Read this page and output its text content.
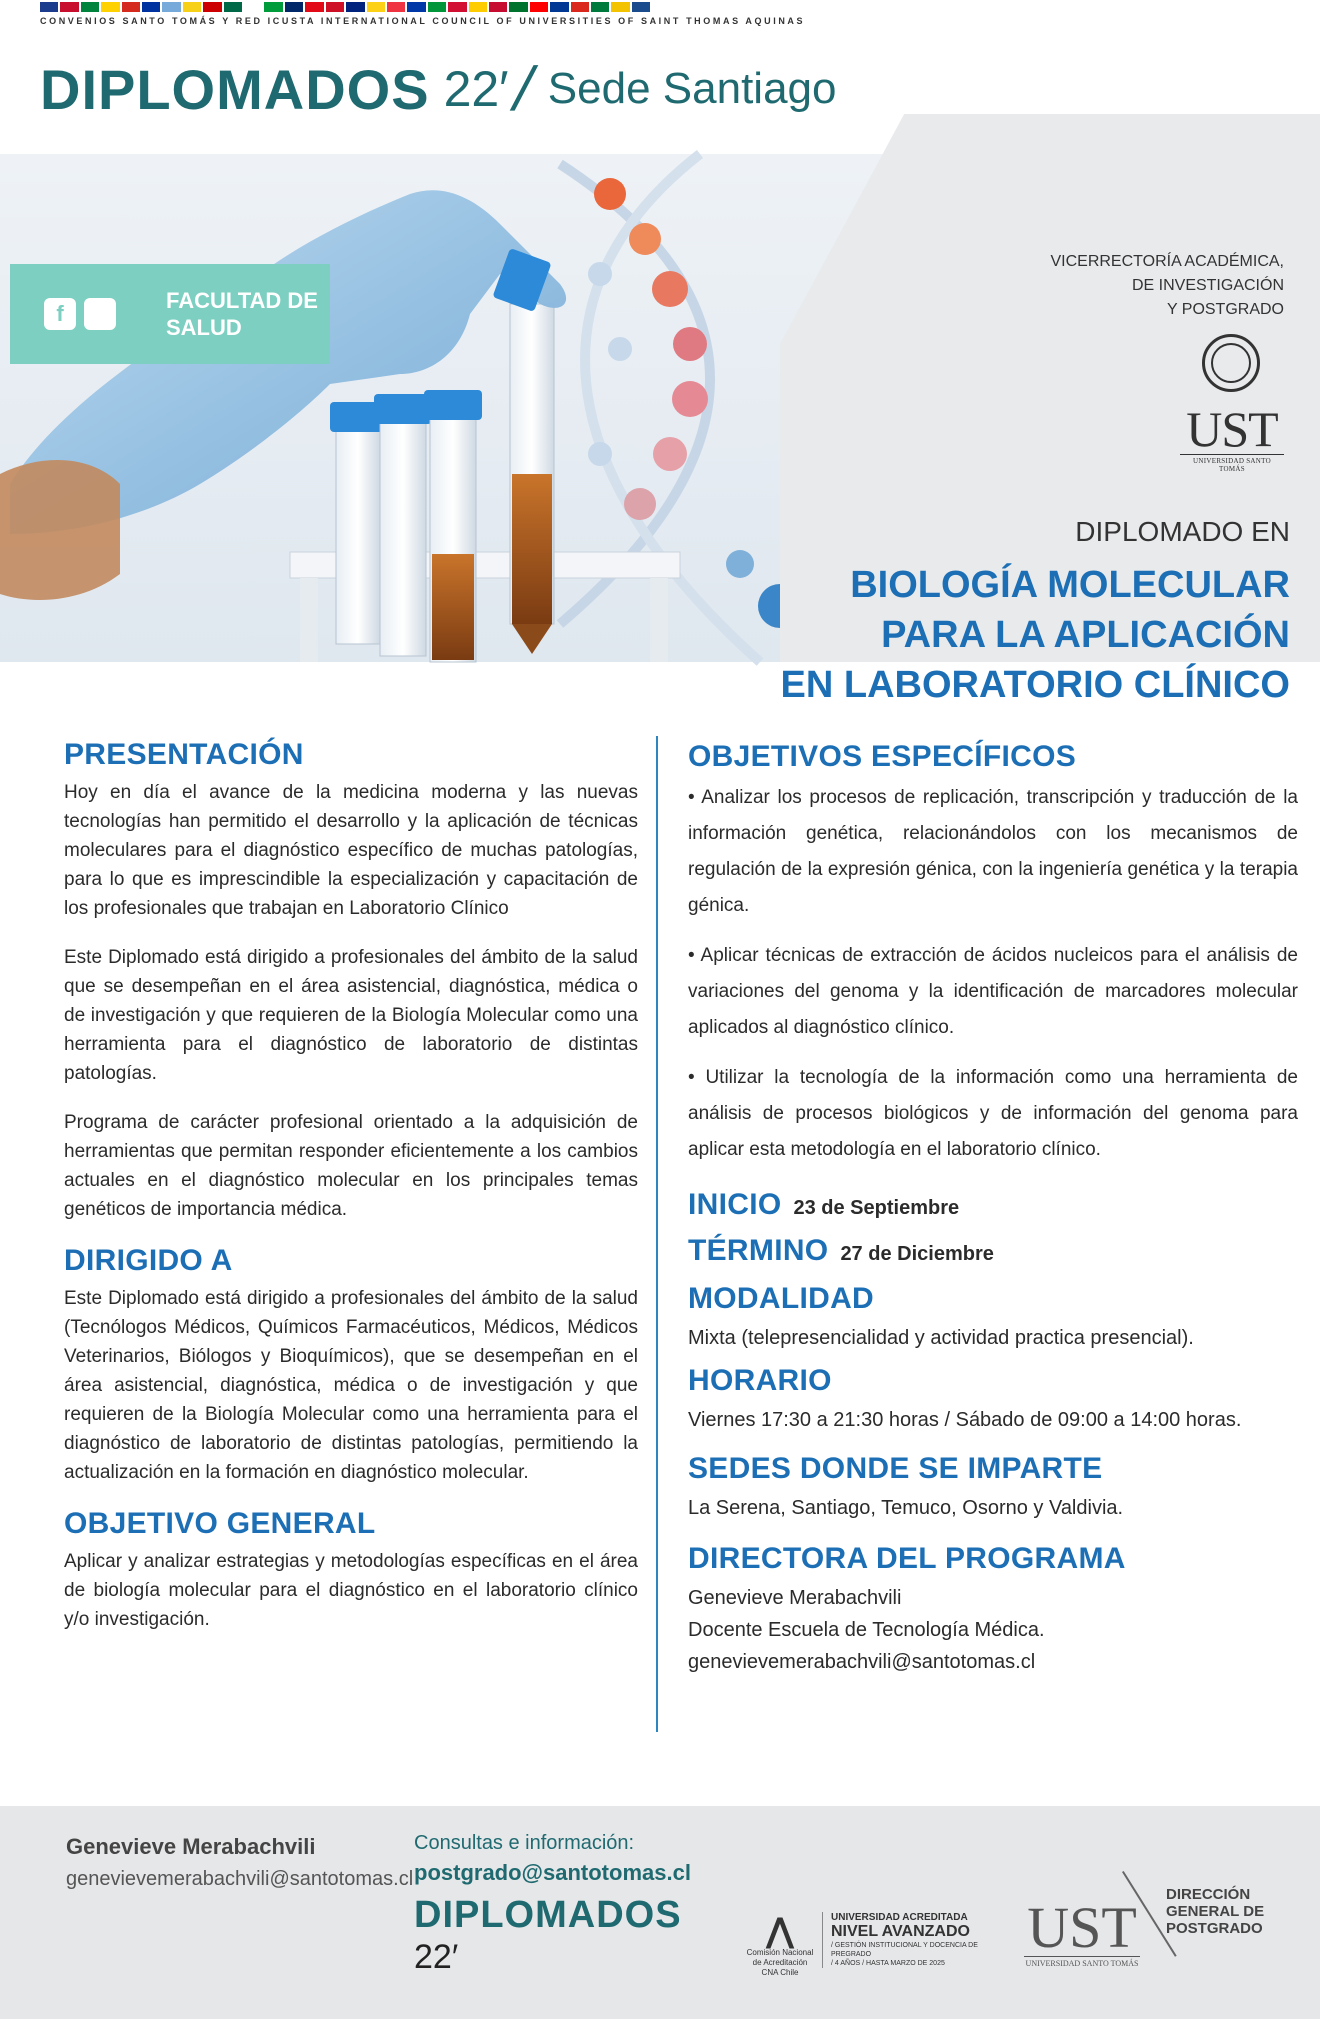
CONVENIOS SANTO TOMÁS Y RED ICUSTA INTERNATIONAL COUNCIL OF UNIVERSITIES OF SAINT THOMAS AQUINAS
DIPLOMADOS 22′
/ Sede Santiago
f
FACULTAD DE
SALUD
VICERRECTORÍA ACADÉMICA,
DE INVESTIGACIÓN
Y POSTGRADO
UST
UNIVERSIDAD SANTO TOMÁS
DIPLOMADO EN
BIOLOGÍA MOLECULAR
PARA LA APLICACIÓN
EN LABORATORIO CLÍNICO
PRESENTACIÓN

Hoy en día el avance de la medicina moderna y las nuevas tecnologías han permitido el desarrollo y la aplicación de técnicas moleculares para el diagnóstico específico de muchas patologías, para lo que es imprescindible la especialización y capacitación de los profesionales que trabajan en Laboratorio Clínico

Este Diplomado está dirigido a profesionales del ámbito de la salud que se desempeñan en el área asistencial, diagnóstica, médica o de investigación y que requieren de la Biología Molecular como una herramienta para el diagnóstico de laboratorio de distintas patologías.

Programa de carácter profesional orientado a la adquisición de herramientas que permitan responder eficientemente a los cambios actuales en el diagnóstico molecular en los principales temas genéticos de importancia médica.

DIRIGIDO A

Este Diplomado está dirigido a profesionales del ámbito de la salud (Tecnólogos Médicos, Químicos Farmacéuticos, Médicos, Médicos Veterinarios, Biólogos y Bioquímicos), que se desempeñan en el área asistencial, diagnóstica, médica o de investigación y que requieren de la Biología Molecular como una herramienta para el diagnóstico de laboratorio de distintas patologías, permitiendo la actualización en la formación en diagnóstico molecular.

OBJETIVO GENERAL

Aplicar y analizar estrategias y metodologías específicas en el área de biología molecular para el diagnóstico en el laboratorio clínico y/o investigación.

OBJETIVOS ESPECÍFICOS

• Analizar los procesos de replicación, transcripción y traducción de la información genética, relacionándolos con los mecanismos de regulación de la expresión génica, con la ingeniería genética y la terapia génica.

• Aplicar técnicas de extracción de ácidos nucleicos para el análisis de variaciones del genoma y la identificación de marcadores molecular aplicados al diagnóstico clínico.

• Utilizar la tecnología de la información como una herramienta de análisis de procesos biológicos y de información del genoma para aplicar esta metodología en el laboratorio clínico.

INICIO 23 de Septiembre
TÉRMINO 27 de Diciembre
MODALIDAD
Mixta (telepresencialidad y actividad practica presencial).
HORARIO
Viernes 17:30 a 21:30 horas / Sábado de 09:00 a 14:00 horas.
SEDES DONDE SE IMPARTE
La Serena, Santiago, Temuco, Osorno y Valdivia.
DIRECTORA DEL PROGRAMA
Genevieve Merabachvili
Docente Escuela de Tecnología Médica.
genevievemerabachvili@santotomas.cl
Genevieve Merabachvili
genevievemerabachvili@santotomas.cl
Consultas e información:
postgrado@santotomas.cl
DIPLOMADOS
22′
⋀
Comisión Nacional
de Acreditación
CNA Chile
UNIVERSIDAD ACREDITADA
NIVEL AVANZADO
/ GESTIÓN INSTITUCIONAL Y DOCENCIA DE PREGRADO
/ 4 AÑOS / HASTA MARZO DE 2025
UST
UNIVERSIDAD SANTO TOMÁS
DIRECCIÓN
GENERAL DE
POSTGRADO
